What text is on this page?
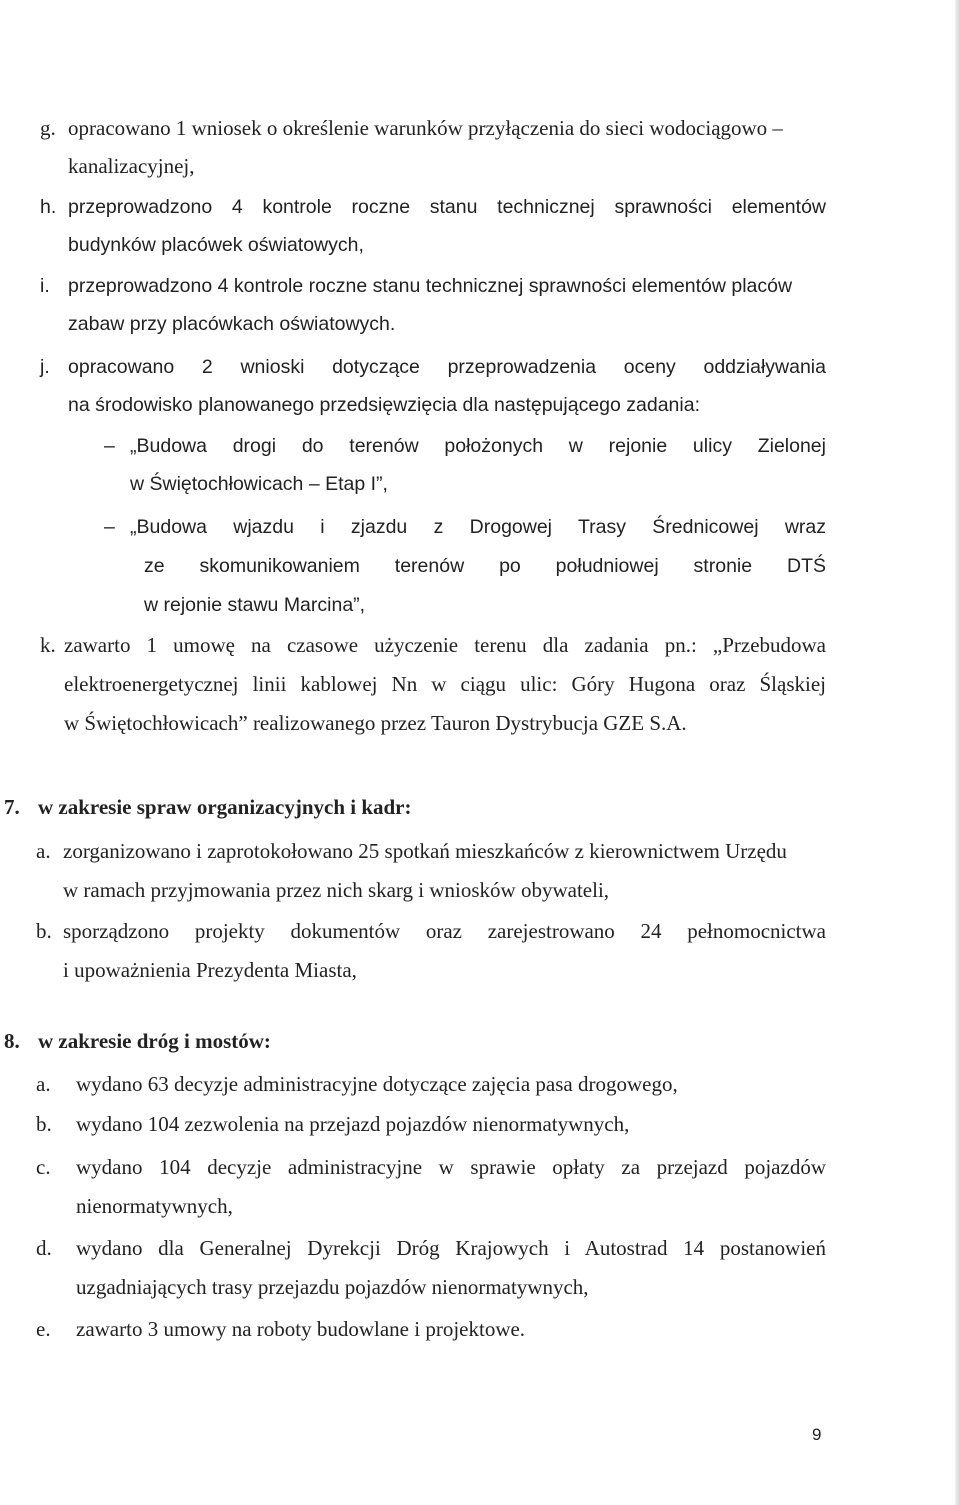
g. opracowano 1 wniosek o określenie warunków przyłączenia do sieci wodociągowo –
kanalizacyjnej,
h. przeprowadzono 4 kontrole roczne stanu technicznej sprawności elementów
budynków placówek oświatowych,
i. przeprowadzono 4 kontrole roczne stanu technicznej sprawności elementów placów
zabaw przy placówkach oświatowych.
j. opracowano 2 wnioski dotyczące przeprowadzenia oceny oddziaływania
na środowisko planowanego przedsięwzięcia dla następującego zadania:
– „Budowa drogi do terenów położonych w rejonie ulicy Zielonej
w Świętochłowicach – Etap I”,
– „Budowa wjazdu i zjazdu z Drogowej Trasy Średnicowej wraz
ze skomunikowaniem terenów po południowej stronie DTŚ
w rejonie stawu Marcina”,
k. zawarto 1 umowę na czasowe użyczenie terenu dla zadania pn.: „Przebudowa
elektroenergetycznej linii kablowej Nn w ciągu ulic: Góry Hugona oraz Śląskiej
w Świętochłowicach” realizowanego przez Tauron Dystrybucja GZE S.A.
7. w zakresie spraw organizacyjnych i kadr:
a. zorganizowano i zaprotokołowano 25 spotkań mieszkańców z kierownictwem Urzędu
w ramach przyjmowania przez nich skarg i wniosków obywateli,
b. sporządzono projekty dokumentów oraz zarejestrowano 24 pełnomocnictwa
i upoważnienia Prezydenta Miasta,
8. w zakresie dróg i mostów:
a. wydano 63 decyzje administracyjne dotyczące zajęcia pasa drogowego,
b. wydano 104 zezwolenia na przejazd pojazdów nienormatywnych,
c. wydano 104 decyzje administracyjne w sprawie opłaty za przejazd pojazdów
nienormatywnych,
d. wydano dla Generalnej Dyrekcji Dróg Krajowych i Autostrad 14 postanowień
uzgadniających trasy przejazdu pojazdów nienormatywnych,
e. zawarto 3 umowy na roboty budowlane i projektowe.
9
